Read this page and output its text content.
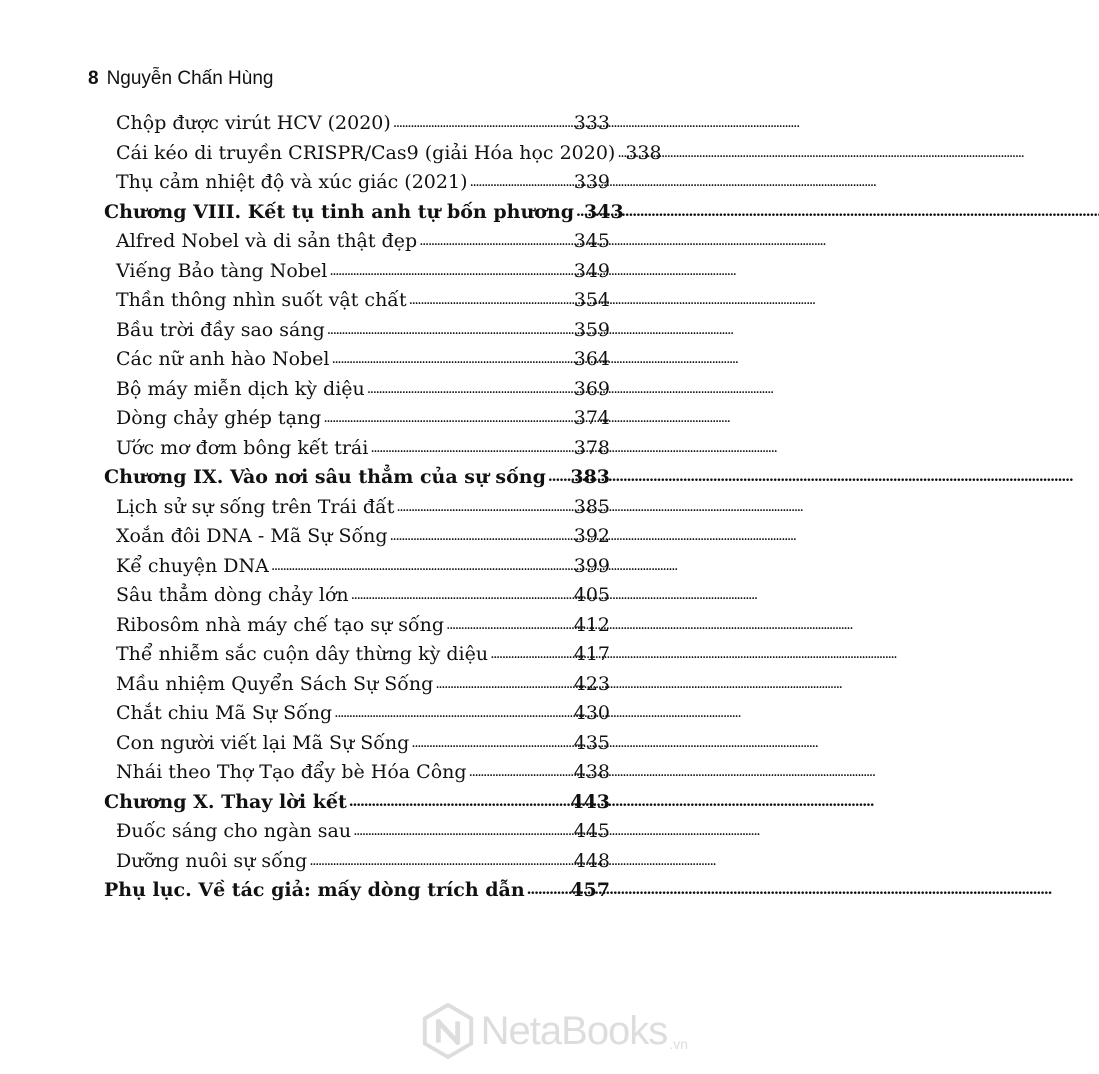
8 Nguyễn Chấn Hùng
Chộp được virút HCV (2020) . . .	333
Cái kéo di truyền CRISPR/Cas9 (giải Hóa học 2020) . . . 338
Thụ cảm nhiệt độ và xúc giác (2021) . . .	339
Chương VIII. Kết tụ tinh anh tự bốn phương . . . 343
Alfred Nobel và di sản thật đẹp . . .	345
Viếng Bảo tàng Nobel . . .	349
Thần thông nhìn suốt vật chất . . .	354
Bầu trời đầy sao sáng . . .	359
Các nữ anh hào Nobel . . .	364
Bộ máy miễn dịch kỳ diệu . . .	369
Dòng chảy ghép tạng . . .	374
Ước mơ đơm bông kết trái . . .	378
Chương IX. Vào nơi sâu thẳm của sự sống . . . 383
Lịch sử sự sống trên Trái đất . . .	385
Xoắn đôi DNA - Mã Sự Sống . . .	392
Kể chuyện DNA . . .	399
Sâu thẳm dòng chảy lớn . . .	405
Ribosôm nhà máy chế tạo sự sống . . .	412
Thể nhiễm sắc cuộn dây thừng kỳ diệu . . .	417
Mầu nhiệm Quyển Sách Sự Sống . . .	423
Chắt chiu Mã Sự Sống . . .	430
Con người viết lại Mã Sự Sống . . .	435
Nhái theo Thợ Tạo đẩy bè Hóa Công . . .	438
Chương X. Thay lời kết . . .	443
Đuốc sáng cho ngàn sau . . .	445
Dưỡng nuôi sự sống . . .	448
Phụ lục. Về tác giả: mấy dòng trích dẫn . . . 457
NetaBooks .vn
